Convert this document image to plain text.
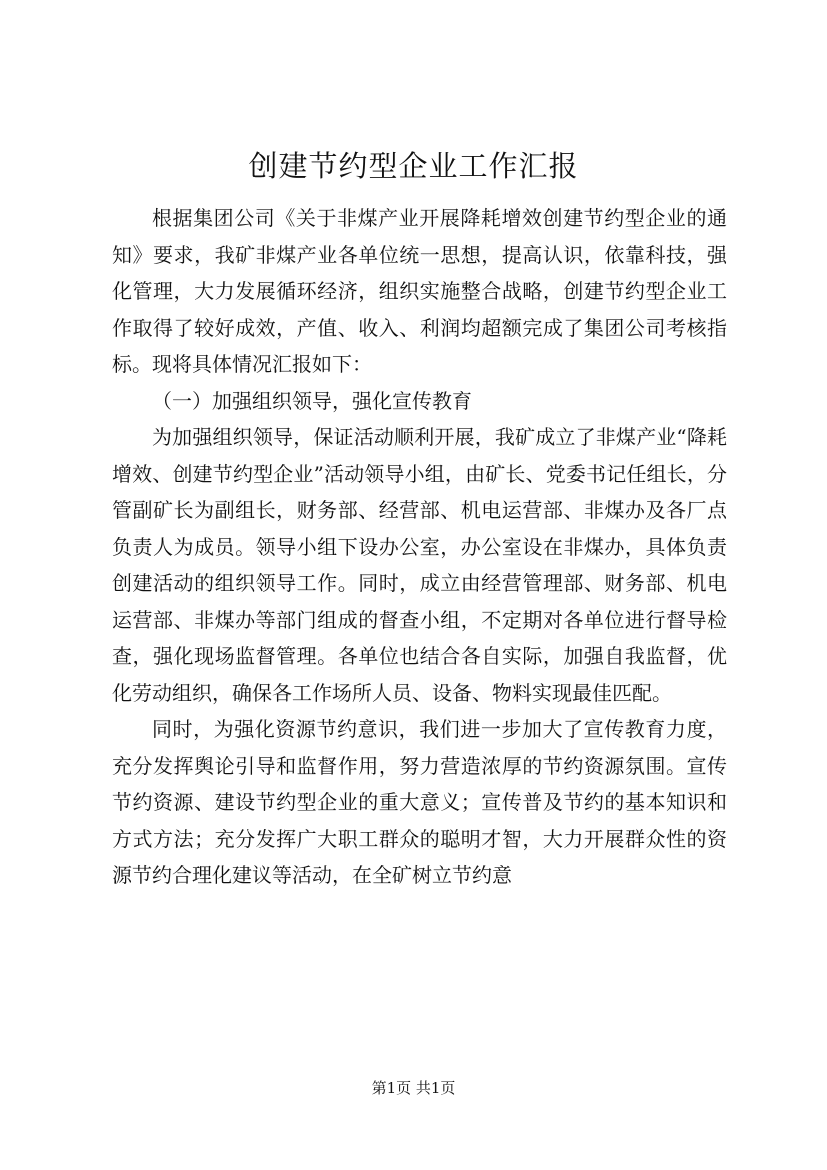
创建节约型企业工作汇报

根据集团公司《关于非煤产业开展降耗增效创建节约型企业的通知》要求，我矿非煤产业各单位统一思想，提高认识，依靠科技，强化管理，大力发展循环经济，组织实施整合战略，创建节约型企业工作取得了较好成效，产值、收入、利润均超额完成了集团公司考核指标。现将具体情况汇报如下：

（一）加强组织领导，强化宣传教育

为加强组织领导，保证活动顺利开展，我矿成立了非煤产业“降耗增效、创建节约型企业”活动领导小组，由矿长、党委书记任组长，分管副矿长为副组长，财务部、经营部、机电运营部、非煤办及各厂点负责人为成员。领导小组下设办公室，办公室设在非煤办，具体负责创建活动的组织领导工作。同时，成立由经营管理部、财务部、机电运营部、非煤办等部门组成的督查小组，不定期对各单位进行督导检查，强化现场监督管理。各单位也结合各自实际，加强自我监督，优化劳动组织，确保各工作场所人员、设备、物料实现最佳匹配。

同时，为强化资源节约意识，我们进一步加大了宣传教育力度，充分发挥舆论引导和监督作用，努力营造浓厚的节约资源氛围。宣传节约资源、建设节约型企业的重大意义；宣传普及节约的基本知识和方式方法；充分发挥广大职工群众的聪明才智，大力开展群众性的资源节约合理化建议等活动，在全矿树立节约意

第1页 共1页
